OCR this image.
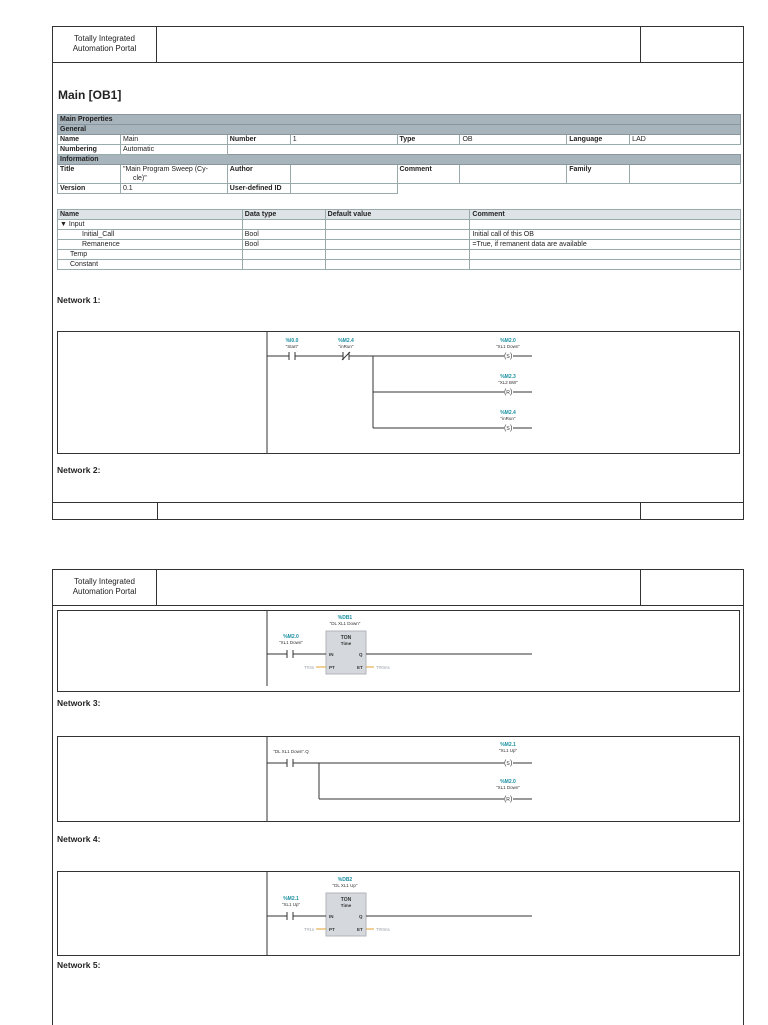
Totally Integrated
Automation Portal
Main [OB1]
Main Properties							
General							
Name	Main	Number	1	Type	OB	Language	LAD
Numbering	Automatic						
Information							
Title	"Main Program Sweep (Cy-
cle)"	Author		Comment		Family	
Version	0.1	User-defined ID					
Name	Data type	Default value	Comment
▼ Input			
Initial_Call	Bool		Initial call of this OB
Remanence	Bool		=True, if remanent data are available
Temp			
Constant			
Network 1:
%I0.0
"Start"
%M2.4
"inRun"
%M2.0
"XL1 Down"
( S )
%M2.3
"XL2 BW"
( R )
%M2.4
"inRun"
( S )
Network 2:
Totally Integrated
Automation Portal
%DB1
"DL XL1 Down"
TON
Time
IN	Q
PT	ET
%M2.0
"XL1 Down"
T#3s	T#0ms
Network 3:
"DL XL1 Down".Q
%M2.1
"XL1 Up"
( S )
%M2.0
"XL1 Down"
( R )
Network 4:
%DB2
"DL XL1 Up"
TON
Time
IN	Q
PT	ET
%M2.1
"XL1 Up"
T#1s	T#0ms
Network 5:
